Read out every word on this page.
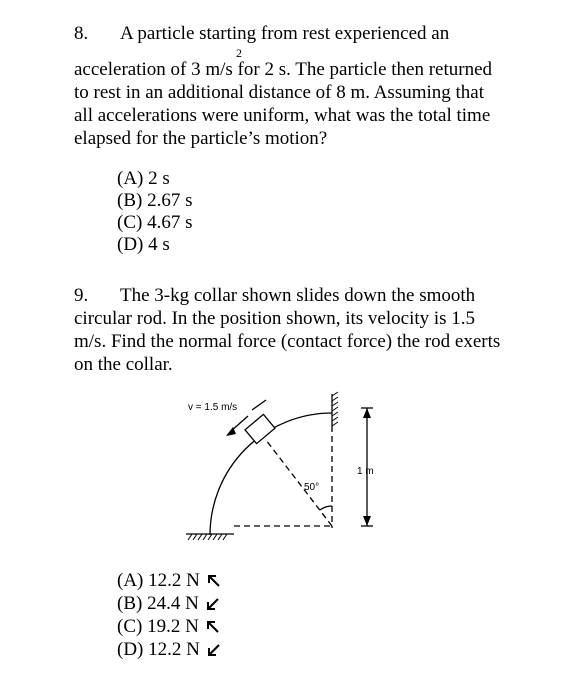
8. A particle starting from rest experienced an
2
acceleration of 3 m/s for 2 s. The particle then returned
to rest in an additional distance of 8 m. Assuming that
all accelerations were uniform, what was the total time
elapsed for the particle’s motion?
(A) 2 s
(B) 2.67 s
(C) 4.67 s
(D) 4 s
9. The 3-kg collar shown slides down the smooth
circular rod. In the position shown, its velocity is 1.5
m/s. Find the normal force (contact force) the rod exerts
on the collar.
v = 1.5 m/s
50°
1 m
(A) 12.2 N
(B) 24.4 N
(C) 19.2 N
(D) 12.2 N
